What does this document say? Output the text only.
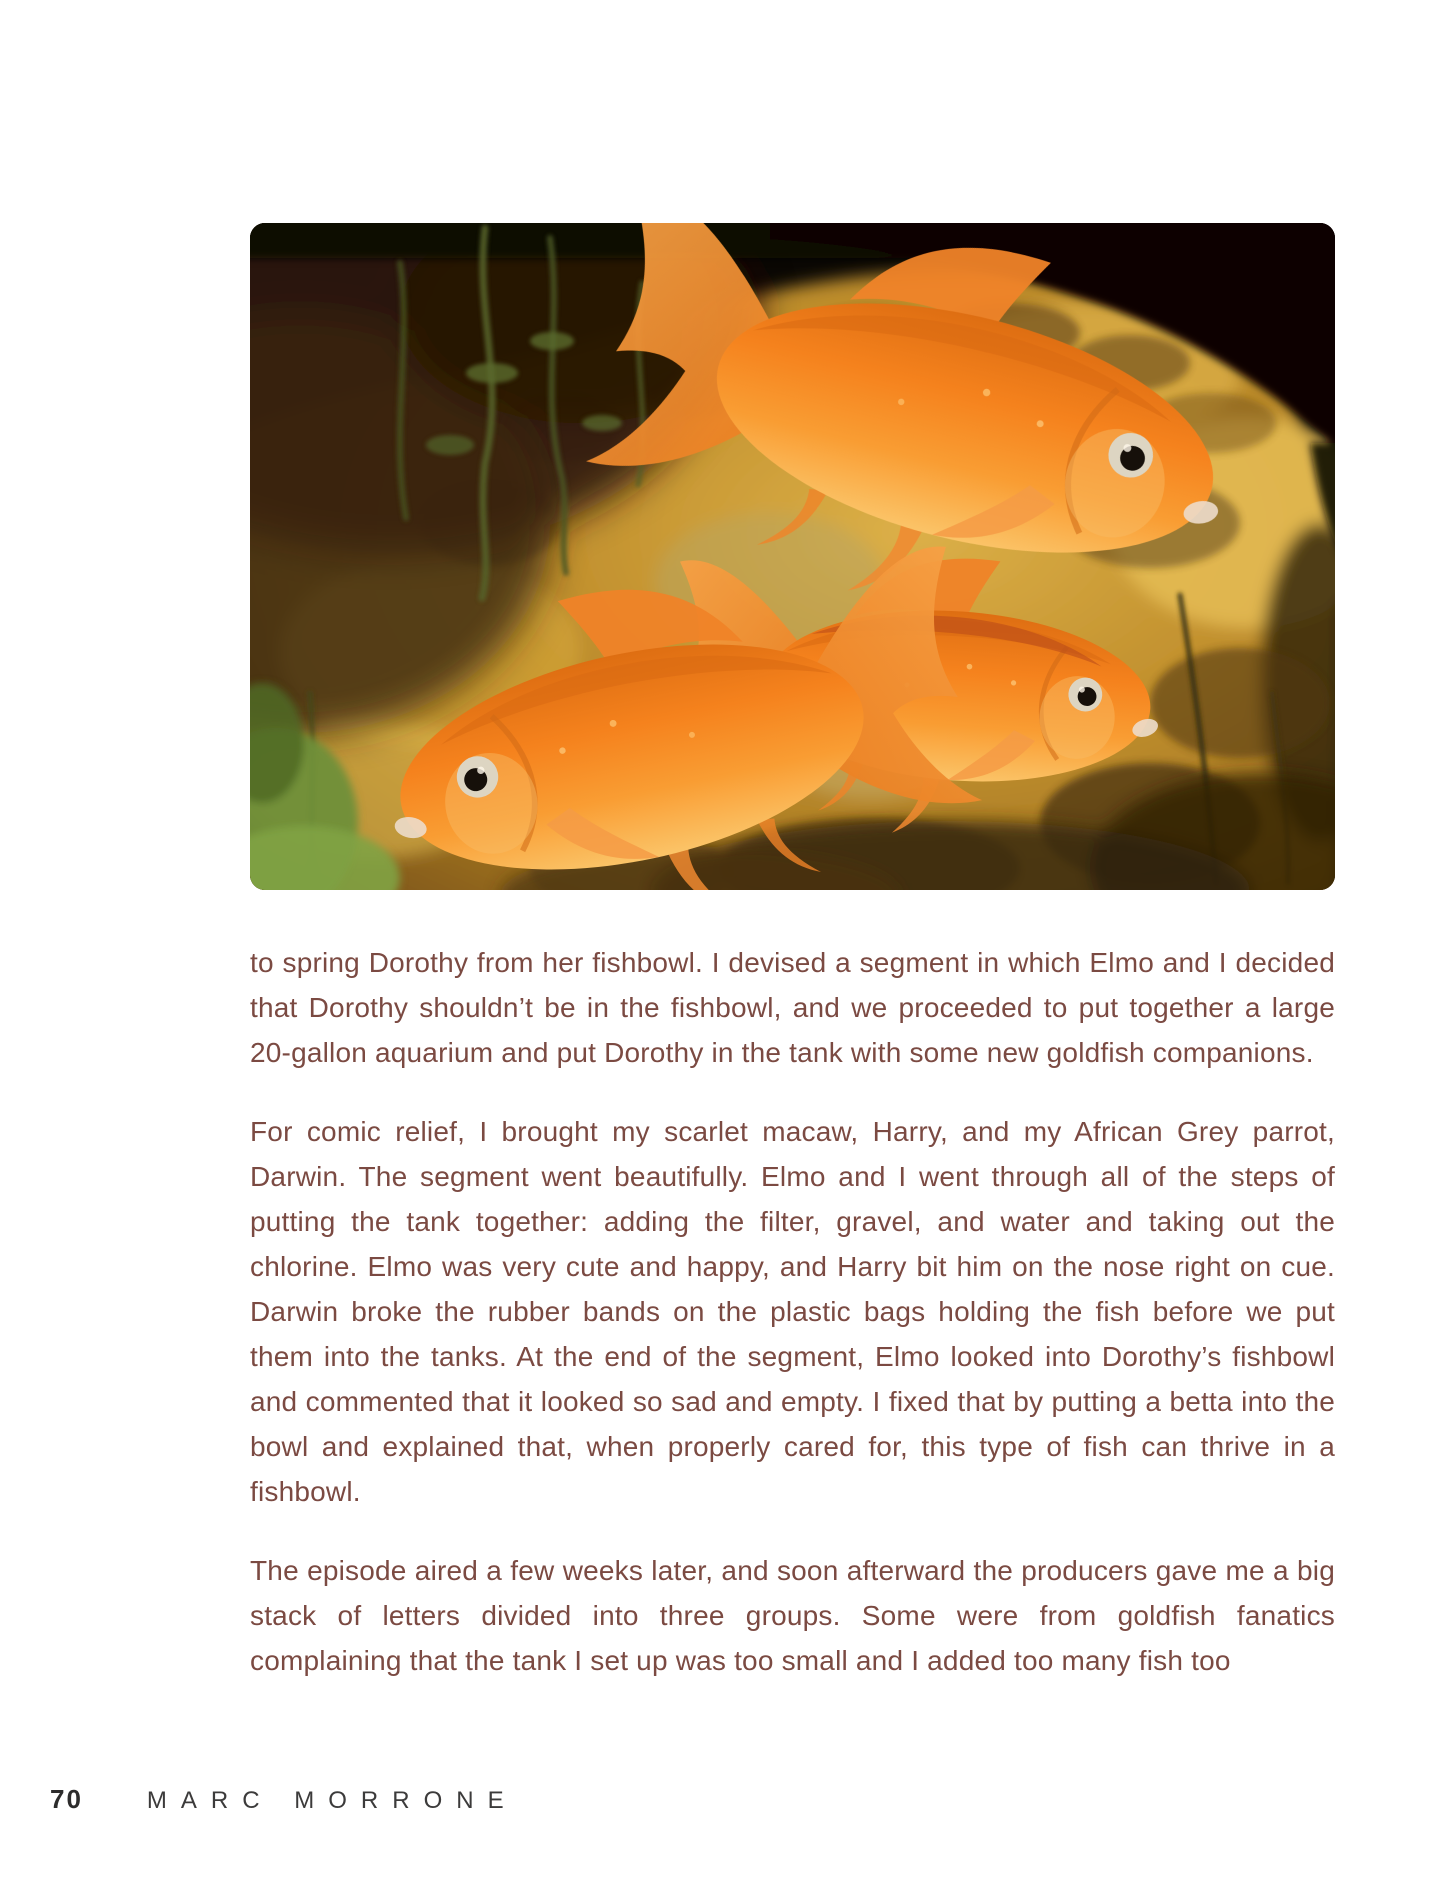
to spring Dorothy from her fishbowl. I devised a segment in which Elmo and I decided that Dorothy shouldn’t be in the fishbowl, and we proceeded to put together a large 20-gallon aquarium and put Dorothy in the tank with some new goldfish companions.

For comic relief, I brought my scarlet macaw, Harry, and my African Grey parrot, Darwin. The segment went beautifully. Elmo and I went through all of the steps of putting the tank together: adding the filter, gravel, and water and taking out the chlorine. Elmo was very cute and happy, and Harry bit him on the nose right on cue. Darwin broke the rubber bands on the plastic bags holding the fish before we put them into the tanks. At the end of the segment, Elmo looked into Dorothy’s fishbowl and commented that it looked so sad and empty. I fixed that by putting a betta into the bowl and explained that, when properly cared for, this type of fish can thrive in a fishbowl.

The episode aired a few weeks later, and soon afterward the producers gave me a big stack of letters divided into three groups. Some were from goldfish fanatics complaining that the tank I set up was too small and I added too many fish too

70	MARC MORRONE
